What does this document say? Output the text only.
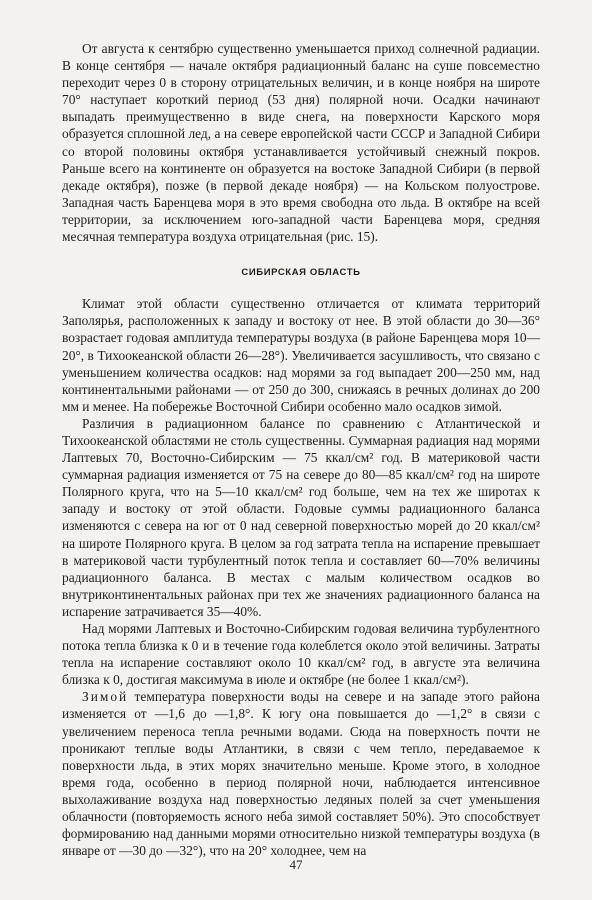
От августа к сентябрю существенно уменьшается приход солнечной радиации. В конце сентября — начале октября радиационный баланс на суше повсеместно переходит через 0 в сторону отрицательных величин, и в конце ноября на широте 70° наступает короткий период (53 дня) полярной ночи. Осадки начинают выпадать преимущественно в виде снега, на поверхности Карского моря образуется сплошной лед, а на севере европейской части СССР и Западной Сибири со второй половины октября устанавливается устойчивый снежный покров. Раньше всего на континенте он образуется на востоке Западной Сибири (в первой декаде октября), позже (в первой декаде ноября) — на Кольском полуострове. Западная часть Баренцева моря в это время свободна ото льда. В октябре на всей территории, за исключением юго-западной части Баренцева моря, средняя месячная температура воздуха отрицательная (рис. 15).

СИБИРСКАЯ ОБЛАСТЬ

Климат этой области существенно отличается от климата территорий Заполярья, расположенных к западу и востоку от нее. В этой области до 30—36° возрастает годовая амплитуда температуры воздуха (в районе Баренцева моря 10—20°, в Тихоокеанской области 26—28°). Увеличивается засушливость, что связано с уменьшением количества осадков: над морями за год выпадает 200—250 мм, над континентальными районами — от 250 до 300, снижаясь в речных долинах до 200 мм и менее. На побережье Восточной Сибири особенно мало осадков зимой.

Различия в радиационном балансе по сравнению с Атлантической и Тихоокеанской областями не столь существенны. Суммарная радиация над морями Лаптевых 70, Восточно-Сибирским — 75 ккал/см² год. В материковой части суммарная радиация изменяется от 75 на севере до 80—85 ккал/см² год на широте Полярного круга, что на 5—10 ккал/см² год больше, чем на тех же широтах к западу и востоку от этой области. Годовые суммы радиационного баланса изменяются с севера на юг от 0 над северной поверхностью морей до 20 ккал/см² на широте Полярного круга. В целом за год затрата тепла на испарение превышает в материковой части турбулентный поток тепла и составляет 60—70% величины радиационного баланса. В местах с малым количеством осадков во внутриконтинентальных районах при тех же значениях радиационного баланса на испарение затрачивается 35—40%.

Над морями Лаптевых и Восточно-Сибирским годовая величина турбулентного потока тепла близка к 0 и в течение года колеблется около этой величины. Затраты тепла на испарение составляют около 10 ккал/см² год, в августе эта величина близка к 0, достигая максимума в июле и октябре (не более 1 ккал/см²).

Зимой температура поверхности воды на севере и на западе этого района изменяется от —1,6 до —1,8°. К югу она повышается до —1,2° в связи с увеличением переноса тепла речными водами. Сюда на поверхность почти не проникают теплые воды Атлантики, в связи с чем тепло, передаваемое к поверхности льда, в этих морях значительно меньше. Кроме этого, в холодное время года, особенно в период полярной ночи, наблюдается интенсивное выхолаживание воздуха над поверхностью ледяных полей за счет уменьшения облачности (повторяемость ясного неба зимой составляет 50%). Это способствует формированию над данными морями относительно низкой температуры воздуха (в январе от —30 до —32°), что на 20° холоднее, чем на

47
